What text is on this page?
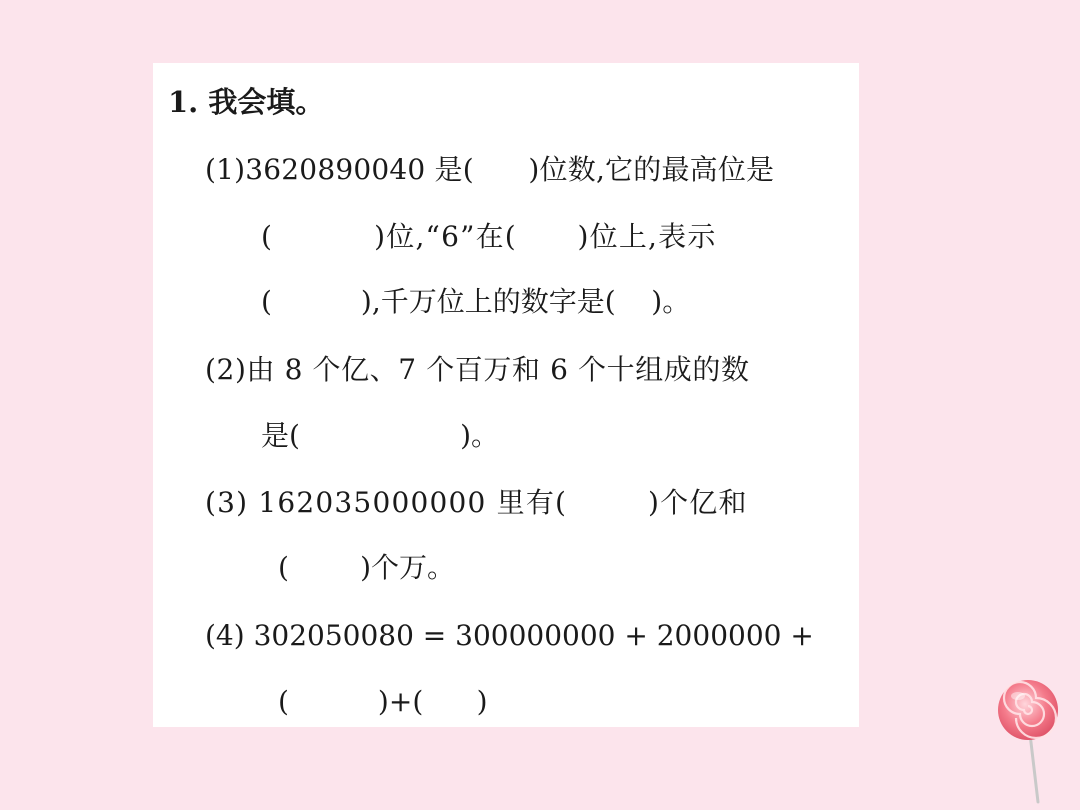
1. 我会填。
(1)3620890040 是(      )位数,它的最高位是
(          )位,“6”在(      )位上,表示
(          ),千万位上的数字是(    )。
(2)由 8 个亿、7 个百万和 6 个十组成的数
是(                  )。
(3) 162035000000 里有(        )个亿和
(        )个万。
(4) 302050080 = 300000000 + 2000000 +
(          )+(      )
